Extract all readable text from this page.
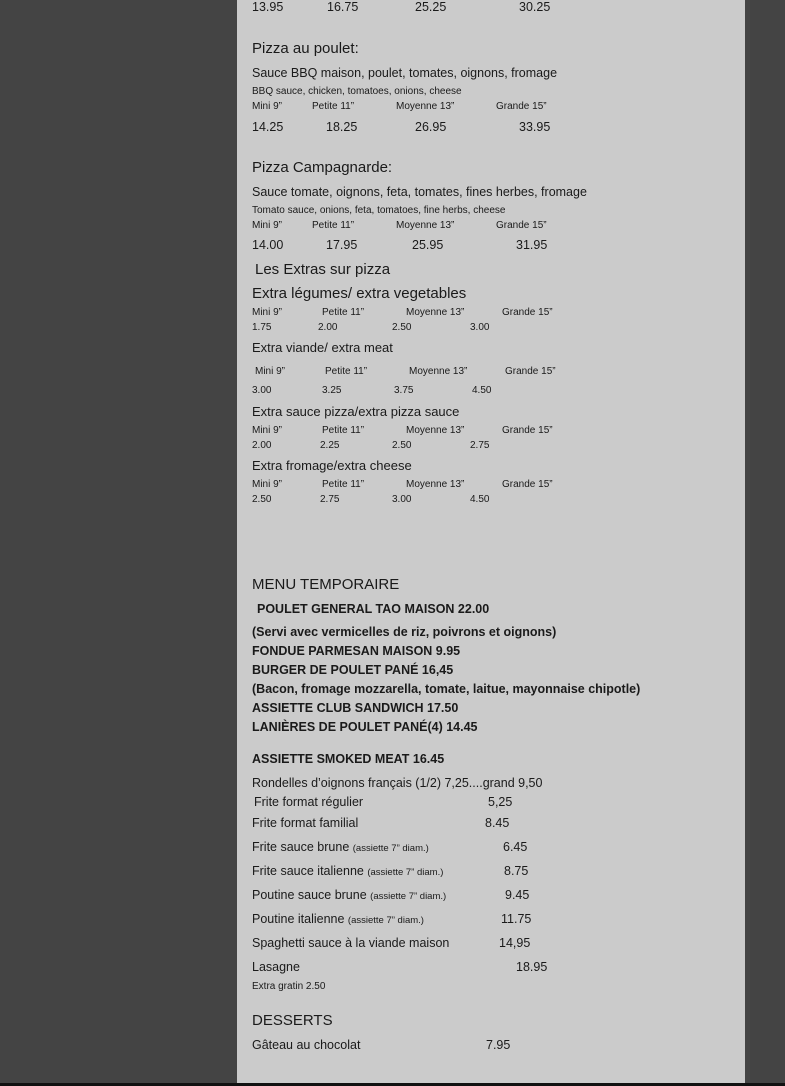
13.95	16.75	25.25	30.25
Pizza au poulet:
Sauce BBQ maison, poulet, tomates, oignons, fromage
BBQ sauce, chicken, tomatoes, onions, cheese
Mini 9”	Petite 11”	Moyenne 13”	Grande 15”
14.25	18.25	26.95	33.95
Pizza Campagnarde:
Sauce tomate, oignons, feta, tomates, fines herbes, fromage
Tomato sauce, onions, feta, tomatoes, fine herbs, cheese
Mini 9”	Petite 11”	Moyenne 13”	Grande 15”
14.00	17.95	25.95	31.95
Les Extras sur pizza
Extra légumes/ extra vegetables
Mini 9”	Petite 11”	Moyenne 13”	Grande 15”
1.75	2.00	2.50	3.00
Extra viande/ extra meat
Mini 9”	Petite 11”	Moyenne 13”	Grande 15”
3.00	3.25	3.75	4.50
Extra sauce pizza/extra pizza sauce
Mini 9”	Petite 11”	Moyenne 13”	Grande 15”
2.00	2.25	2.50	2.75
Extra fromage/extra cheese
Mini 9”	Petite 11”	Moyenne 13”	Grande 15”
2.50	2.75	3.00	4.50
MENU TEMPORAIRE
POULET GENERAL TAO MAISON 22.00
(Servi avec vermicelles de riz, poivrons et oignons)
FONDUE PARMESAN MAISON 9.95
BURGER DE POULET PANÉ 16,45
(Bacon, fromage mozzarella, tomate, laitue, mayonnaise chipotle)
ASSIETTE CLUB SANDWICH 17.50
LANIÈRES DE POULET PANÉ(4) 14.45
ASSIETTE SMOKED MEAT 16.45
Rondelles d’oignons français (1/2) 7,25....grand 9,50
Frite format régulier	5,25
Frite format familial	8.45
Frite sauce brune (assiette 7” diam.)	6.45
Frite sauce italienne (assiette 7” diam.)	8.75
Poutine sauce brune (assiette 7” diam.)	9.45
Poutine italienne (assiette 7” diam.)	11.75
Spaghetti sauce à la viande maison	14,95
Lasagne	18.95
Extra gratin 2.50
DESSERTS
Gâteau au chocolat	7.95
